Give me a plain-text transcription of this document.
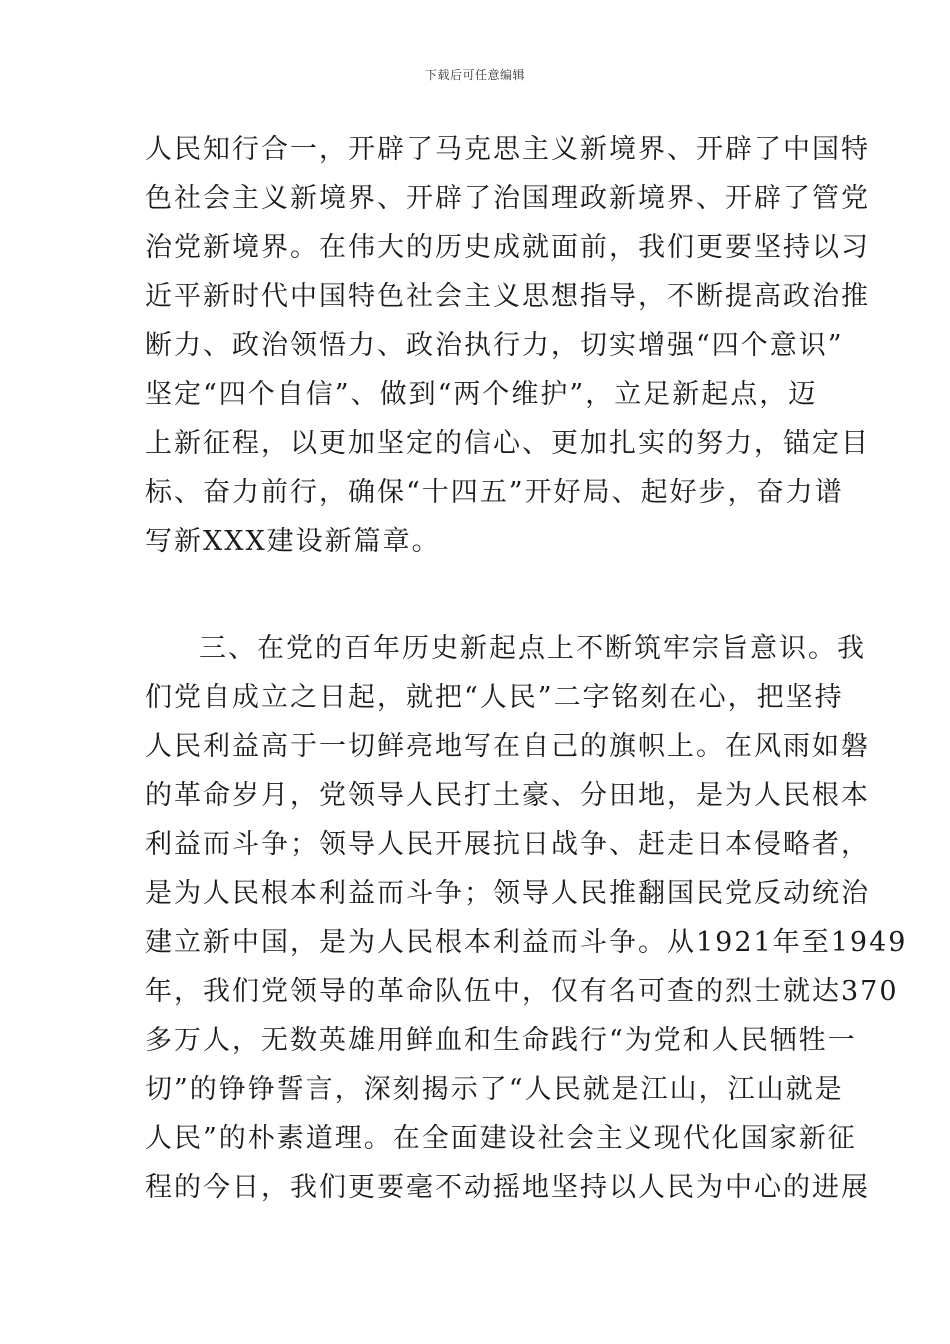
下载后可任意编辑
人民知行合一，开辟了马克思主义新境界、开辟了中国特
色社会主义新境界、开辟了治国理政新境界、开辟了管党
治党新境界。在伟大的历史成就面前，我们更要坚持以习
近平新时代中国特色社会主义思想指导，不断提高政治推
断力、政治领悟力、政治执行力，切实增强“四个意识”
坚定“四个自信”、做到“两个维护”，立足新起点，迈
上新征程，以更加坚定的信心、更加扎实的努力，锚定目
标、奋力前行，确保“十四五”开好局、起好步，奋力谱
写新XXX建设新篇章。
三、在党的百年历史新起点上不断筑牢宗旨意识。我
们党自成立之日起，就把“人民”二字铭刻在心，把坚持
人民利益高于一切鲜亮地写在自己的旗帜上。在风雨如磐
的革命岁月，党领导人民打土豪、分田地，是为人民根本
利益而斗争；领导人民开展抗日战争、赶走日本侵略者，
是为人民根本利益而斗争；领导人民推翻国民党反动统治
建立新中国，是为人民根本利益而斗争。从1921年至1949
年，我们党领导的革命队伍中，仅有名可查的烈士就达370
多万人，无数英雄用鲜血和生命践行“为党和人民牺牲一
切”的铮铮誓言，深刻揭示了“人民就是江山，江山就是
人民”的朴素道理。在全面建设社会主义现代化国家新征
程的今日，我们更要毫不动摇地坚持以人民为中心的进展
